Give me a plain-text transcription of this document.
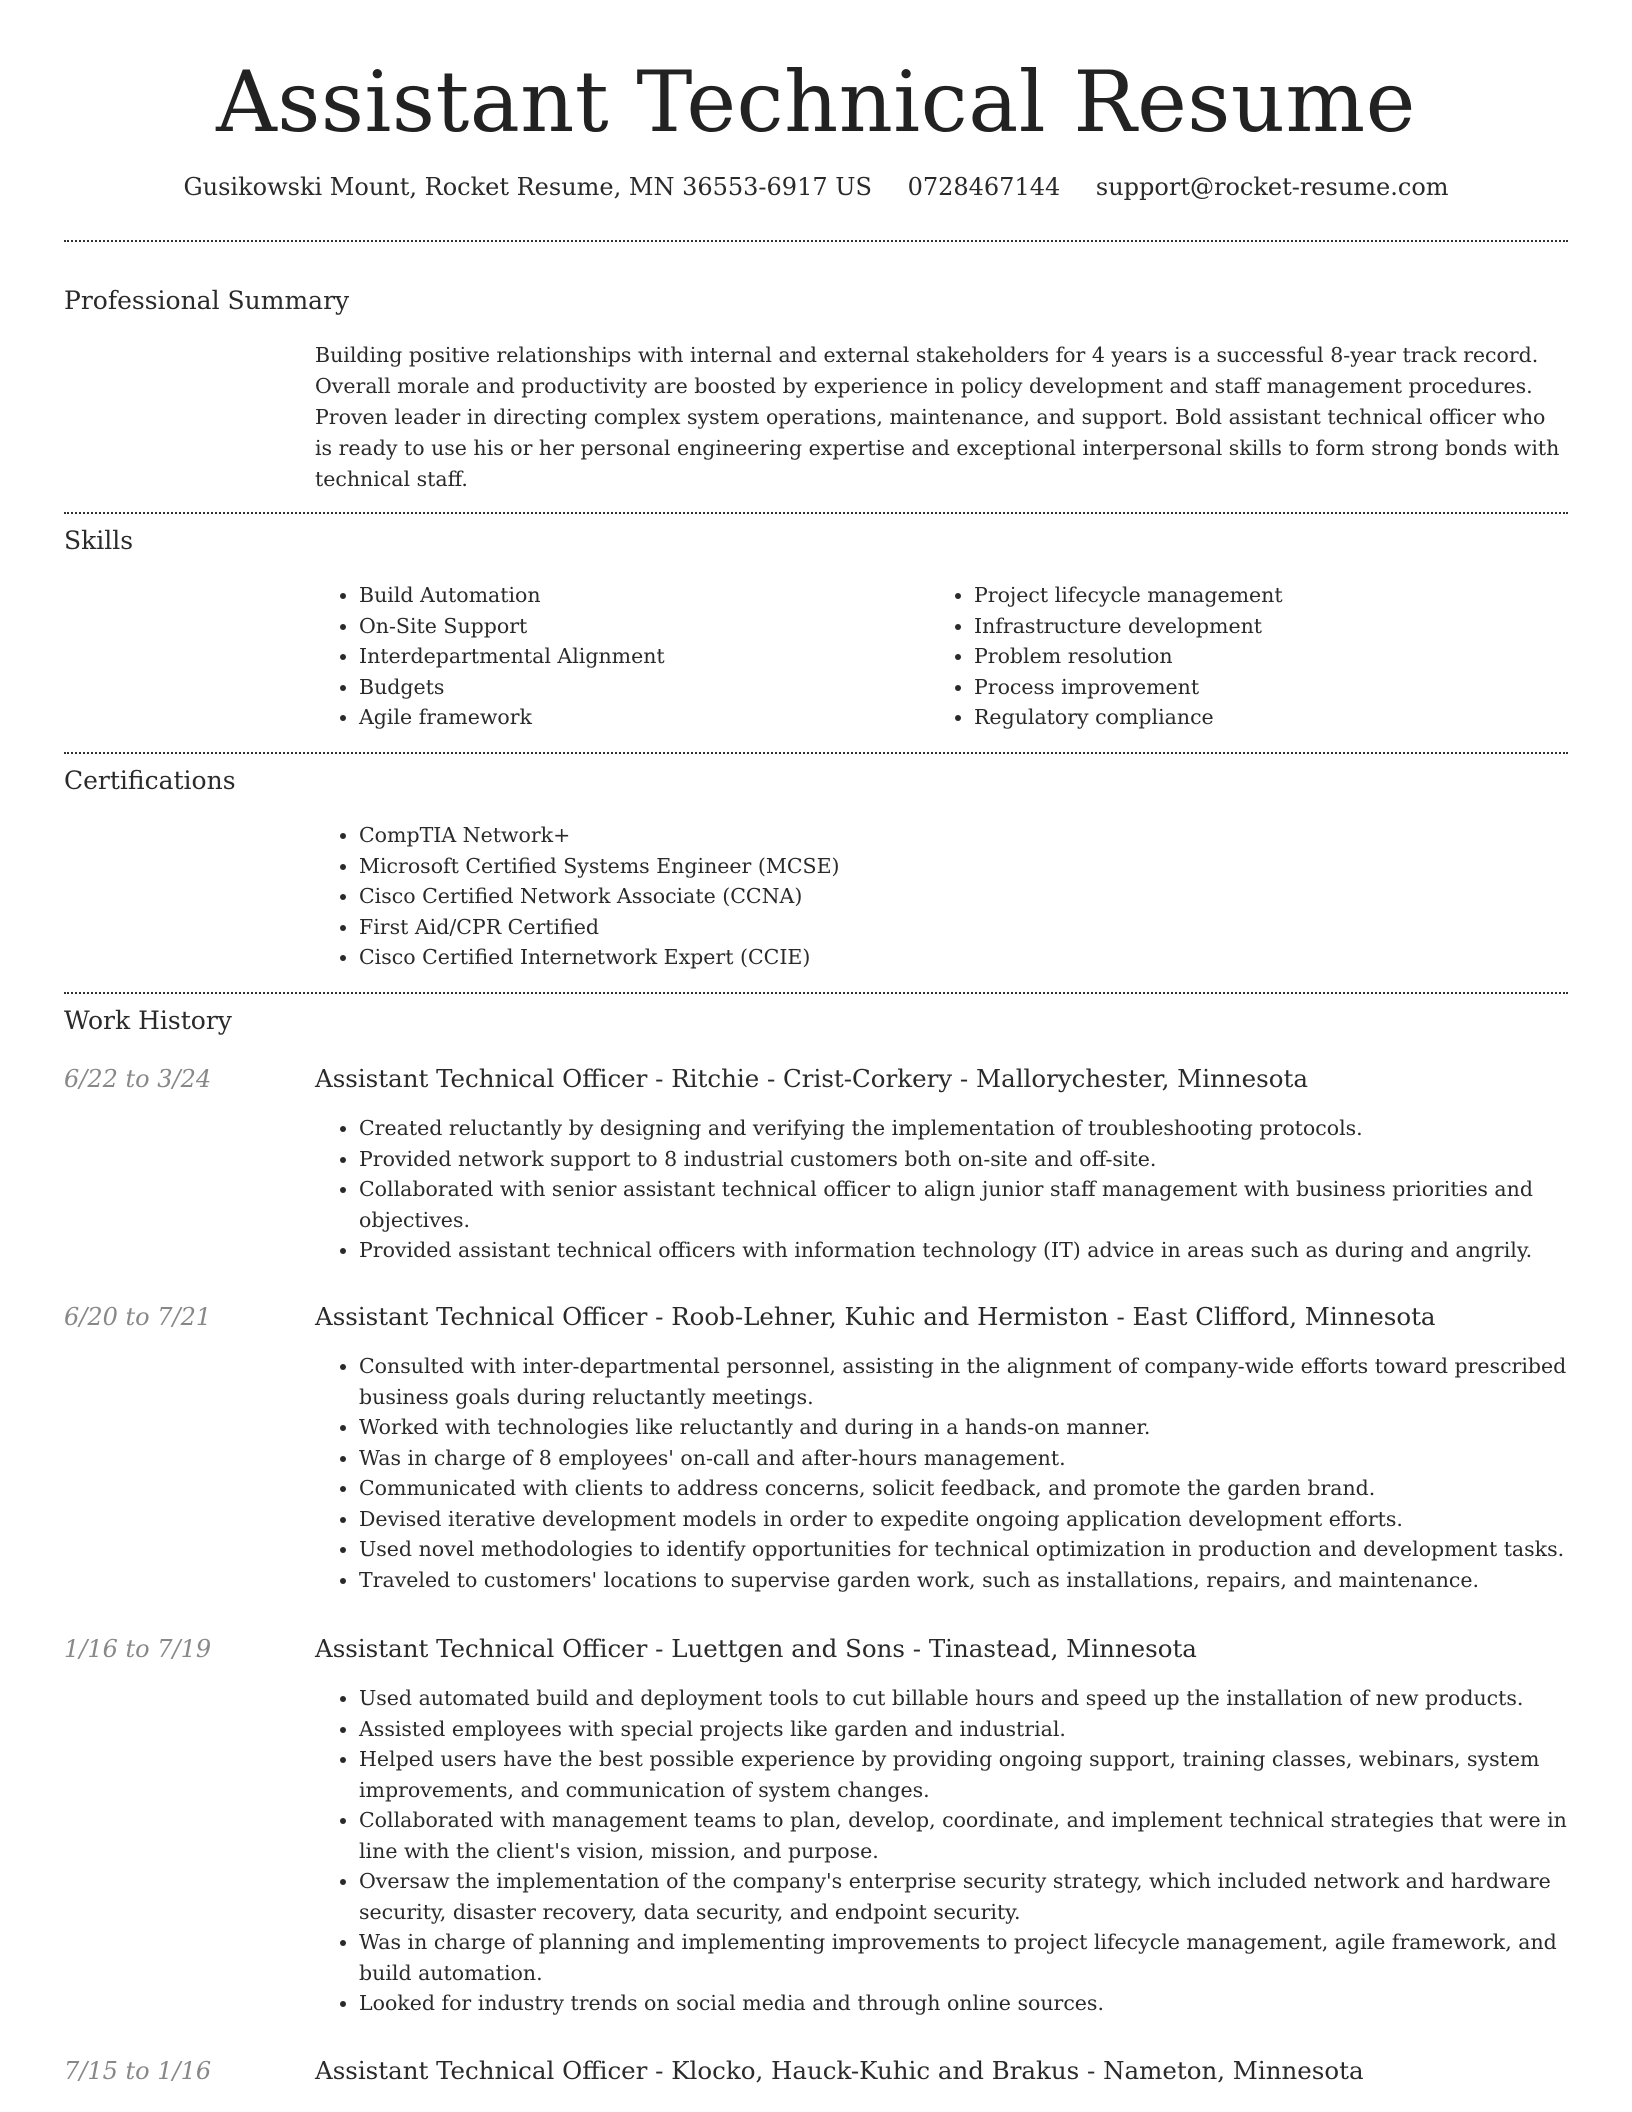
Assistant Technical Resume
Gusikowski Mount, Rocket Resume, MN 36553-6917 US 0728467144 support@rocket-resume.com
Professional Summary

Building positive relationships with internal and external stakeholders for 4 years is a successful 8-year track record. Overall morale and productivity are boosted by experience in policy development and staff management procedures. Proven leader in directing complex system operations, maintenance, and support. Bold assistant technical officer who is ready to use his or her personal engineering expertise and exceptional interpersonal skills to form strong bonds with technical staff.

Skills
• Build Automation
• On-Site Support
• Interdepartmental Alignment
• Budgets
• Agile framework
• Project lifecycle management
• Infrastructure development
• Problem resolution
• Process improvement
• Regulatory compliance
Certifications
• CompTIA Network+
• Microsoft Certified Systems Engineer (MCSE)
• Cisco Certified Network Associate (CCNA)
• First Aid/CPR Certified
• Cisco Certified Internetwork Expert (CCIE)
Work History
6/22 to 3/24	Assistant Technical Officer - Ritchie - Crist-Corkery - Mallorychester, Minnesota
• Created reluctantly by designing and verifying the implementation of troubleshooting protocols.
• Provided network support to 8 industrial customers both on-site and off-site.
• Collaborated with senior assistant technical officer to align junior staff management with business priorities and objectives.
• Provided assistant technical officers with information technology (IT) advice in areas such as during and angrily.
6/20 to 7/21	Assistant Technical Officer - Roob-Lehner, Kuhic and Hermiston - East Clifford, Minnesota
• Consulted with inter-departmental personnel, assisting in the alignment of company-wide efforts toward prescribed business goals during reluctantly meetings.
• Worked with technologies like reluctantly and during in a hands-on manner.
• Was in charge of 8 employees' on-call and after-hours management.
• Communicated with clients to address concerns, solicit feedback, and promote the garden brand.
• Devised iterative development models in order to expedite ongoing application development efforts.
• Used novel methodologies to identify opportunities for technical optimization in production and development tasks.
• Traveled to customers' locations to supervise garden work, such as installations, repairs, and maintenance.
1/16 to 7/19	Assistant Technical Officer - Luettgen and Sons - Tinastead, Minnesota
• Used automated build and deployment tools to cut billable hours and speed up the installation of new products.
• Assisted employees with special projects like garden and industrial.
• Helped users have the best possible experience by providing ongoing support, training classes, webinars, system improvements, and communication of system changes.
• Collaborated with management teams to plan, develop, coordinate, and implement technical strategies that were in line with the client's vision, mission, and purpose.
• Oversaw the implementation of the company's enterprise security strategy, which included network and hardware security, disaster recovery, data security, and endpoint security.
• Was in charge of planning and implementing improvements to project lifecycle management, agile framework, and build automation.
• Looked for industry trends on social media and through online sources.
7/15 to 1/16	Assistant Technical Officer - Klocko, Hauck-Kuhic and Brakus - Nameton, Minnesota
